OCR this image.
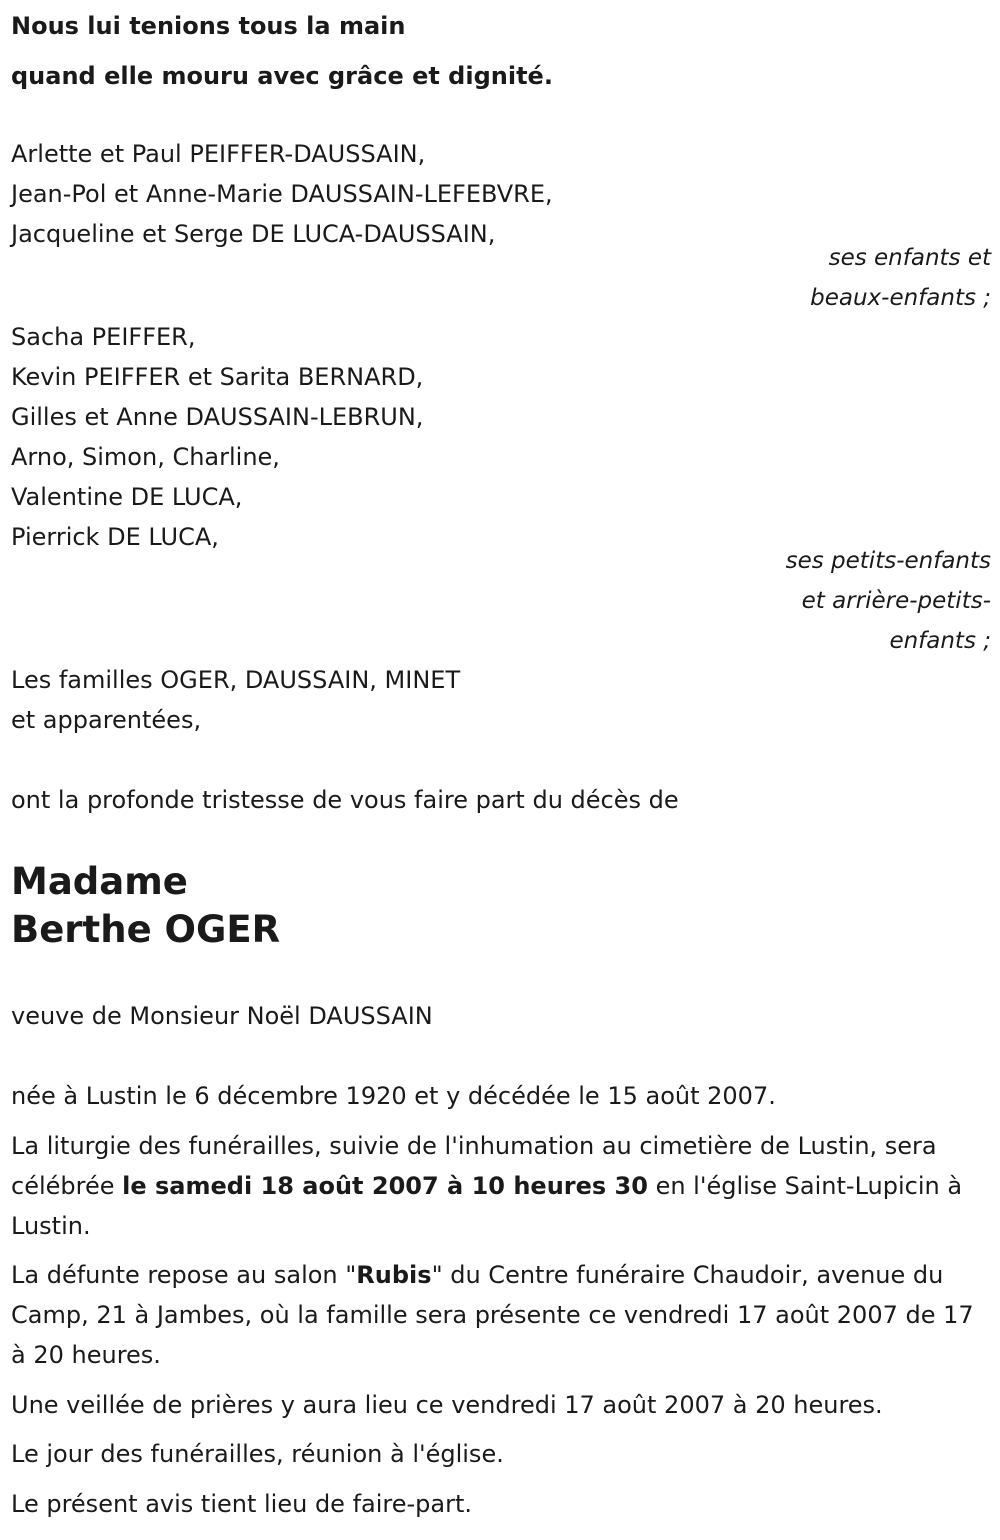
Nous lui tenions tous la main
quand elle mouru avec grâce et dignité.
Arlette et Paul PEIFFER-DAUSSAIN,
Jean-Pol et Anne-Marie DAUSSAIN-LEFEBVRE,
Jacqueline et Serge DE LUCA-DAUSSAIN,
ses enfants et
beaux-enfants ;
Sacha PEIFFER,
Kevin PEIFFER et Sarita BERNARD,
Gilles et Anne DAUSSAIN-LEBRUN,
Arno, Simon, Charline,
Valentine DE LUCA,
Pierrick DE LUCA,
ses petits-enfants
et arrière-petits-
enfants ;
Les familles OGER, DAUSSAIN, MINET
et apparentées,
ont la profonde tristesse de vous faire part du décès de
Madame
Berthe OGER
veuve de Monsieur Noël DAUSSAIN
née à Lustin le 6 décembre 1920 et y décédée le 15 août 2007.
La liturgie des funérailles, suivie de l'inhumation au cimetière de Lustin, sera célébrée le samedi 18 août 2007 à 10 heures 30 en l'église Saint-Lupicin à Lustin.
La défunte repose au salon "Rubis" du Centre funéraire Chaudoir, avenue du Camp, 21 à Jambes, où la famille sera présente ce vendredi 17 août 2007 de 17 à 20 heures.
Une veillée de prières y aura lieu ce vendredi 17 août 2007 à 20 heures.
Le jour des funérailles, réunion à l'église.
Le présent avis tient lieu de faire-part.
